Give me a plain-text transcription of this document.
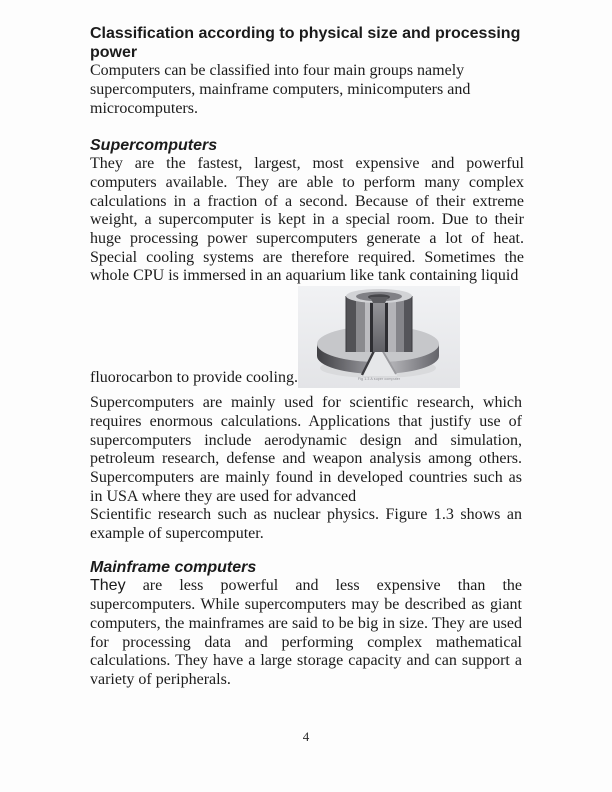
Classification according to physical size and processing
power

Computers can be classified into four main groups namely supercomputers, mainframe computers, minicomputers and microcomputers.

Supercomputers

They are the fastest, largest, most expensive and powerful computers available. They are able to perform many complex calculations in a fraction of a second. Because of their extreme weight, a supercomputer is kept in a special room. Due to their huge processing power supercomputers generate a lot of heat. Special cooling systems are therefore required. Sometimes the whole CPU is immersed in an aquarium like tank containing liquid

fluorocarbon to provide cooling.	Fig 1.3 A super computer

Supercomputers are mainly used for scientific research, which requires enormous calculations. Applications that justify use of supercomputers include aerodynamic design and simulation, petroleum research, defense and weapon analysis among others. Supercomputers are mainly found in developed countries such as in USA where they are used for advanced

Scientific research such as nuclear physics. Figure 1.3 shows an example of supercomputer.

Mainframe computers

They are less powerful and less expensive than the supercomputers. While supercomputers may be described as giant computers, the mainframes are said to be big in size. They are used for processing data and performing complex mathematical calculations. They have a large storage capacity and can support a variety of peripherals.

4
